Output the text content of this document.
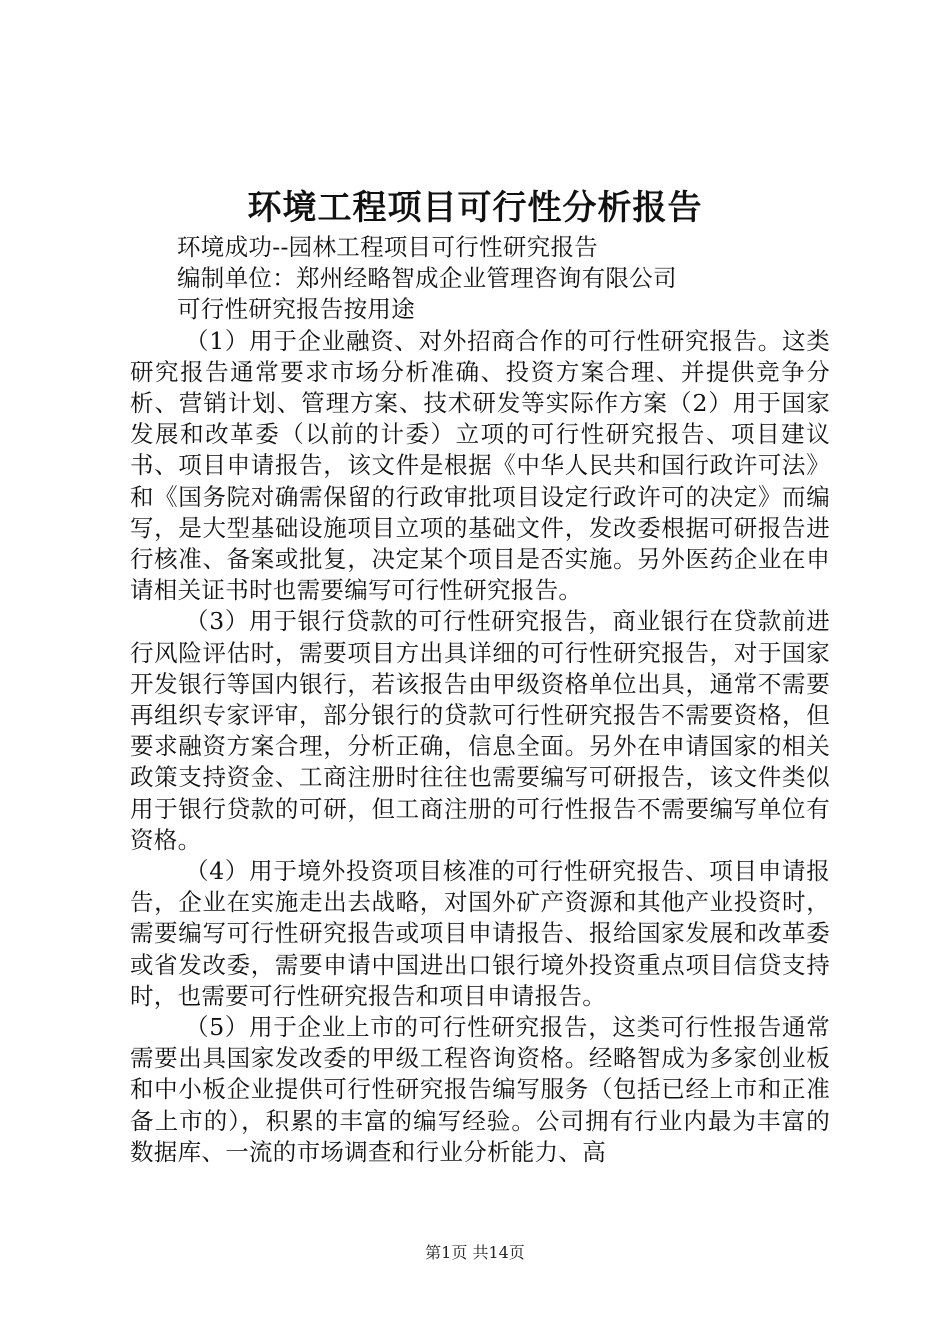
环境工程项目可行性分析报告

环境成功--园林工程项目可行性研究报告

编制单位：郑州经略智成企业管理咨询有限公司

可行性研究报告按用途

（1）用于企业融资、对外招商合作的可行性研究报告。这类研究报告通常要求市场分析准确、投资方案合理、并提供竞争分析、营销计划、管理方案、技术研发等实际作方案（2）用于国家发展和改革委（以前的计委）立项的可行性研究报告、项目建议书、项目申请报告，该文件是根据《中华人民共和国行政许可法》和《国务院对确需保留的行政审批项目设定行政许可的决定》而编写，是大型基础设施项目立项的基础文件，发改委根据可研报告进行核准、备案或批复，决定某个项目是否实施。另外医药企业在申请相关证书时也需要编写可行性研究报告。

（3）用于银行贷款的可行性研究报告，商业银行在贷款前进行风险评估时，需要项目方出具详细的可行性研究报告，对于国家开发银行等国内银行，若该报告由甲级资格单位出具，通常不需要再组织专家评审，部分银行的贷款可行性研究报告不需要资格，但要求融资方案合理，分析正确，信息全面。另外在申请国家的相关政策支持资金、工商注册时往往也需要编写可研报告，该文件类似用于银行贷款的可研，但工商注册的可行性报告不需要编写单位有资格。

（4）用于境外投资项目核准的可行性研究报告、项目申请报告，企业在实施走出去战略，对国外矿产资源和其他产业投资时，需要编写可行性研究报告或项目申请报告、报给国家发展和改革委或省发改委，需要申请中国进出口银行境外投资重点项目信贷支持时，也需要可行性研究报告和项目申请报告。

（5）用于企业上市的可行性研究报告，这类可行性报告通常需要出具国家发改委的甲级工程咨询资格。经略智成为多家创业板和中小板企业提供可行性研究报告编写服务（包括已经上市和正准备上市的），积累的丰富的编写经验。公司拥有行业内最为丰富的数据库、一流的市场调查和行业分析能力、高

第1页 共14页
